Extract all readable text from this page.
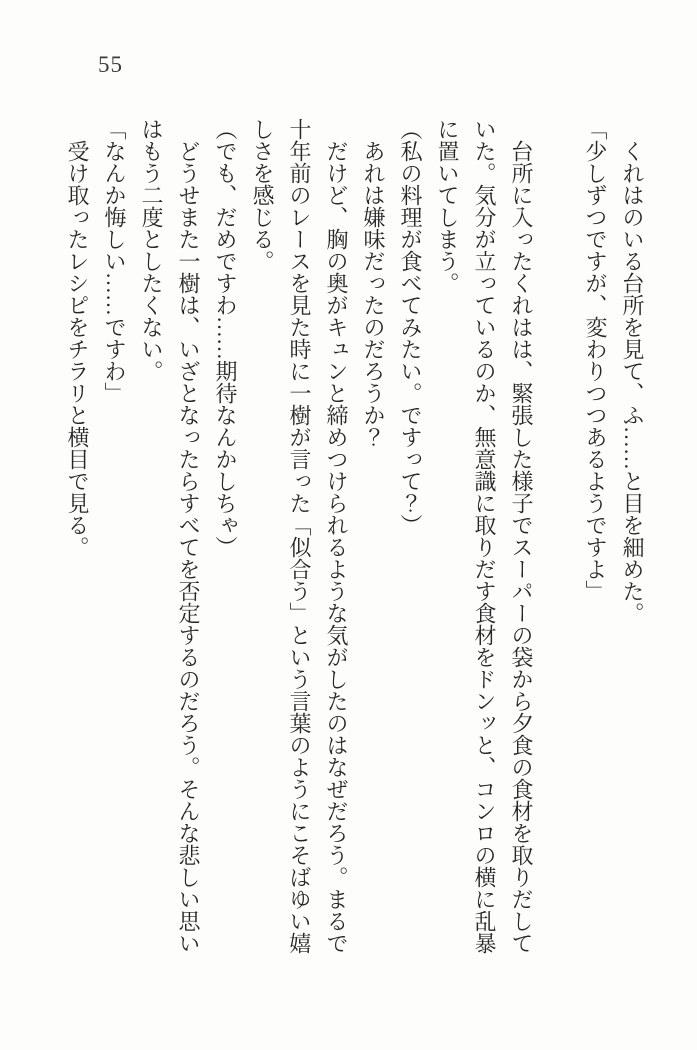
55

　くれはのいる台所を見て、ふ……と目を細めた。

「少しずつですが、変わりつつあるようですよ」

　台所に入ったくれはは、緊張した様子でスーパーの袋から夕食の食材を取りだして

いた。気分が立っているのか、無意識に取りだす食材をドンッと、コンロの横に乱暴

に置いてしまう。

（私の料理が食べてみたい。ですって？）

　あれは嫌味だったのだろうか？

　だけど、胸の奥がキュンと締めつけられるような気がしたのはなぜだろう。まるで

十年前のレースを見た時に一樹が言った「似合う」という言葉のようにこそばゆい嬉

しさを感じる。

（でも、だめですわ……期待なんかしちゃ）

　どうせまた一樹は、いざとなったらすべてを否定するのだろう。そんな悲しい思い

はもう二度としたくない。

「なんか悔しい……ですわ」

　受け取ったレシピをチラリと横目で見る。
